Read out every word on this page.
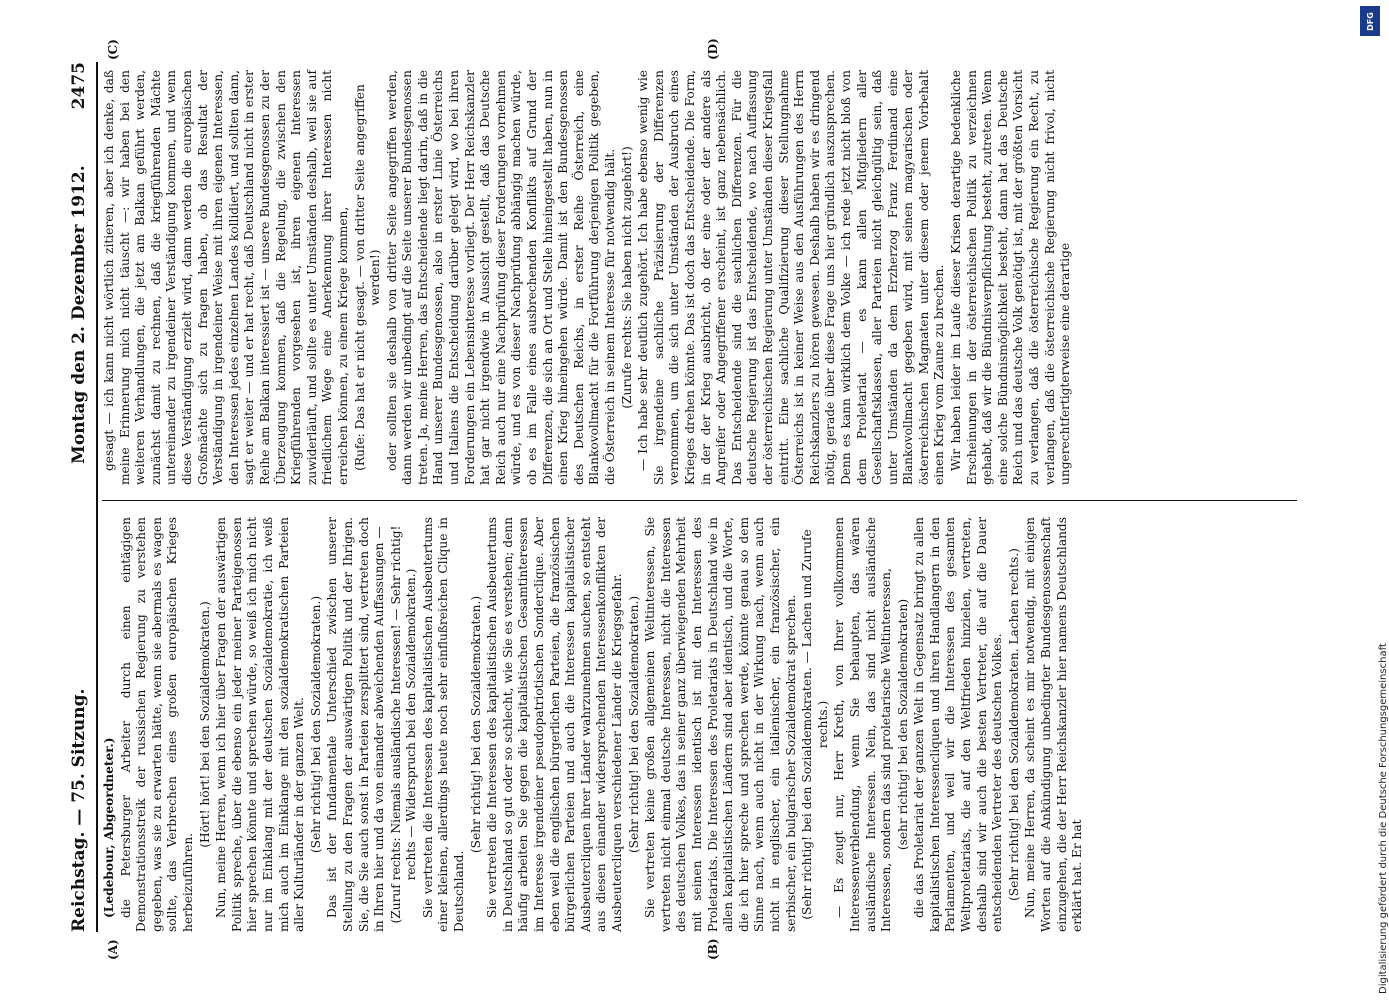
Reichstag. — 75. Sitzung.
Montag den 2. Dezember 1912.
2475

(Ledebour, Abgeordneter.) die Petersburger Arbeiter durch einen eintägigen Demonstrationsstreik der russischen Regierung zu verstehen gegeben, was sie zu erwarten hätte, wenn sie abermals es wagen sollte, das Verbrechen eines großen europäischen Krieges herbeizuführen.

(Hört! hört! bei den Sozialdemokraten.) Nun, meine Herren, wenn ich hier über Fragen der auswärtigen Politik spreche, über die ebenso ein jeder meiner Parteigenossen hier sprechen könnte und sprechen würde, so weiß ich mich nicht nur im Einklang mit der deutschen Sozialdemokratie, ich weiß mich auch im Einklange mit den sozialdemokratischen Parteien aller Kulturländer in der ganzen Welt. (Sehr richtig! bei den Sozialdemokraten.) Das ist der fundamentale Unterschied zwischen unserer Stellung zu den Fragen der auswärtigen Politik und der Ihrigen. Sie, die Sie auch sonst in Parteien zersplittert sind, vertreten doch in Ihren hier und da von einander abweichenden Auffassungen — (Zuruf rechts: Niemals ausländische Interessen! — Sehr richtig! rechts — Widerspruch bei den Sozialdemokraten.) Sie vertreten die Interessen des kapitalistischen Ausbeutertums einer kleinen, allerdings heute noch sehr einflußreichen Clique in Deutschland.

(Sehr richtig! bei den Sozialdemokraten.) Sie vertreten die Interessen des kapitalistischen Ausbeutertums in Deutschland so gut oder so schlecht, wie Sie es verstehen; denn häufig arbeiten Sie gegen die kapitalistischen Gesamtinteressen im Interesse irgendeiner pseudopatriotischen Sonderclique. Aber eben weil die englischen bürgerlichen Parteien, die französischen bürgerlichen Parteien und auch die Interessen kapitalistischer Ausbeutercliquen ihrer Länder wahrzunehmen suchen, so entsteht aus diesen einander widersprechenden Interessenkonflikten der Ausbeutercliquen verschiedener Länder die Kriegsgefahr. (Sehr richtig! bei den Sozialdemokraten.) Sie vertreten keine großen allgemeinen Weltinteressen, Sie vertreten nicht einmal deutsche Interessen, nicht die Interessen des deutschen Volkes, das in seiner ganz überwiegenden Mehrheit mit seinen Interessen identisch ist mit den Interessen des Proletariats. Die Interessen des Proletariats in Deutschland wie in allen kapitalistischen Ländern sind aber identisch, und die Worte, die ich hier spreche und sprechen werde, könnte genau so dem Sinne nach, wenn auch nicht in der Wirkung nach, wenn auch nicht in englischer, ein italienischer, ein französischer, ein serbischer, ein bulgarischer Sozialdemokrat sprechen. (Sehr richtig! bei den Sozialdemokraten. — Lachen und Zurufe rechts.) — Es zeugt nur, Herr Kreth, von Ihrer vollkommenen Interessenverblendung, wenn Sie behaupten, das wären ausländische Interessen. Nein, das sind nicht ausländische Interessen, sondern das sind proletarische Weltinteressen, (sehr richtig! bei den Sozialdemokraten) die das Proletariat der ganzen Welt in Gegensatz bringt zu allen kapitalistischen Interessencliquen und ihren Handlangern in den Parlamenten, und weil wir die Interessen des gesamten Weltproletariats, die auf den Weltfrieden hinzielen, vertreten, deshalb sind wir auch die besten Vertreter, die auf die Dauer entscheidenden Vertreter des deutschen Volkes. (Sehr richtig! bei den Sozialdemokraten. Lachen rechts.) Nun, meine Herren, da scheint es mir notwendig, mit einigen Worten auf die Ankündigung unbedingter Bundesgenossenschaft einzugehen, die der Herr Reichskanzler hier namens Deutschlands erklärt hat. Er hat

gesagt — ich kann nicht wörtlich zitieren, aber ich denke, daß meine Erinnerung mich nicht täuscht —: wir haben bei den weiteren Verhandlungen, die jetzt am Balkan geführt werden, zunächst damit zu rechnen, daß die kriegführenden Mächte untereinander zu irgendeiner Verständigung kommen, und wenn diese Verständigung erzielt wird, dann werden die europäischen Großmächte sich zu fragen haben, ob das Resultat der Verständigung in irgendeiner Weise mit ihren eigenen Interessen, den Interessen jedes einzelnen Landes kollidiert, und sollten dann, sagt er weiter — und er hat recht, daß Deutschland nicht in erster Reihe am Balkan interessiert ist — unsere Bundesgenossen zu der Überzeugung kommen, daß die Regelung, die zwischen den Kriegführenden vorgesehen ist, ihren eigenen Interessen zuwiderläuft, und sollte es unter Umständen deshalb, weil sie auf friedlichem Wege eine Anerkennung ihrer Interessen nicht erreichen können, zu einem Kriege kommen, (Rufe: Das hat er nicht gesagt. — von dritter Seite angegriffen werden!) oder sollten sie deshalb von dritter Seite angegriffen werden, dann werden wir unbedingt auf die Seite unserer Bundesgenossen treten. Ja, meine Herren, das Entscheidende liegt darin, daß in die Hand unserer Bundesgenossen, also in erster Linie Österreichs und Italiens die Entscheidung darüber gelegt wird, wo bei ihren Forderungen ein Lebensinteresse vorliegt. Der Herr Reichskanzler hat gar nicht irgendwie in Aussicht gestellt, daß das Deutsche Reich auch nur eine Nachprüfung dieser Forderungen vornehmen würde, und es von dieser Nachprüfung abhängig machen würde, ob es im Falle eines ausbrechenden Konflikts auf Grund der Differenzen, die sich an Ort und Stelle hineingestellt haben, nun in einen Krieg hineingehen würde. Damit ist den Bundesgenossen des Deutschen Reichs, in erster Reihe Österreich, eine Blankovollmacht für die Fortführung derjenigen Politik gegeben, die Österreich in seinem Interesse für notwendig hält. (Zurufe rechts: Sie haben nicht zugehört!) — Ich habe sehr deutlich zugehört. Ich habe ebenso wenig wie Sie irgendeine sachliche Präzisierung der Differenzen vernommen, um die sich unter Umständen der Ausbruch eines Krieges drehen könnte. Das ist doch das Entscheidende. Die Form, in der der Krieg ausbricht, ob der eine oder der andere als Angreifer oder Angegriffener erscheint, ist ganz nebensächlich. Das Entscheidende sind die sachlichen Differenzen. Für die deutsche Regierung ist das Entscheidende, wo nach Auffassung der österreichischen Regierung unter Umständen dieser Kriegsfall eintritt. Eine sachliche Qualifizierung dieser Stellungnahme Österreichs ist in keiner Weise aus den Ausführungen des Herrn Reichskanzlers zu hören gewesen. Deshalb haben wir es dringend nötig, gerade über diese Frage uns hier gründlich auszusprechen. Denn es kann wirklich dem Volke — ich rede jetzt nicht bloß von dem Proletariat — es kann allen Mitgliedern aller Gesellschaftsklassen, aller Parteien nicht gleichgültig sein, daß unter Umständen da dem Erzherzog Franz Ferdinand eine Blankovollmacht gegeben wird, mit seinen magyarischen oder österreichischen Magnaten unter diesem oder jenem Vorbehalt einen Krieg vom Zaune zu brechen. Wir haben leider im Laufe dieser Krisen derartige bedenkliche Erscheinungen in der österreichischen Politik zu verzeichnen gehabt, daß wir die Bündnisverpflichtung besteht, zutreten. Wenn eine solche Bündnismöglichkeit besteht, dann hat das Deutsche Reich und das deutsche Volk genötigt ist, mit der größten Vorsicht zu verlangen, daß die österreichische Regierung ein Recht, zu verlangen, daß die österreichische Regierung nicht frivol, nicht ungerechtfertigterweise eine derartige

(A)	(B)
(C)	(D)
DFG
Digitalisierung gefördert durch die Deutsche Forschungsgemeinschaft
